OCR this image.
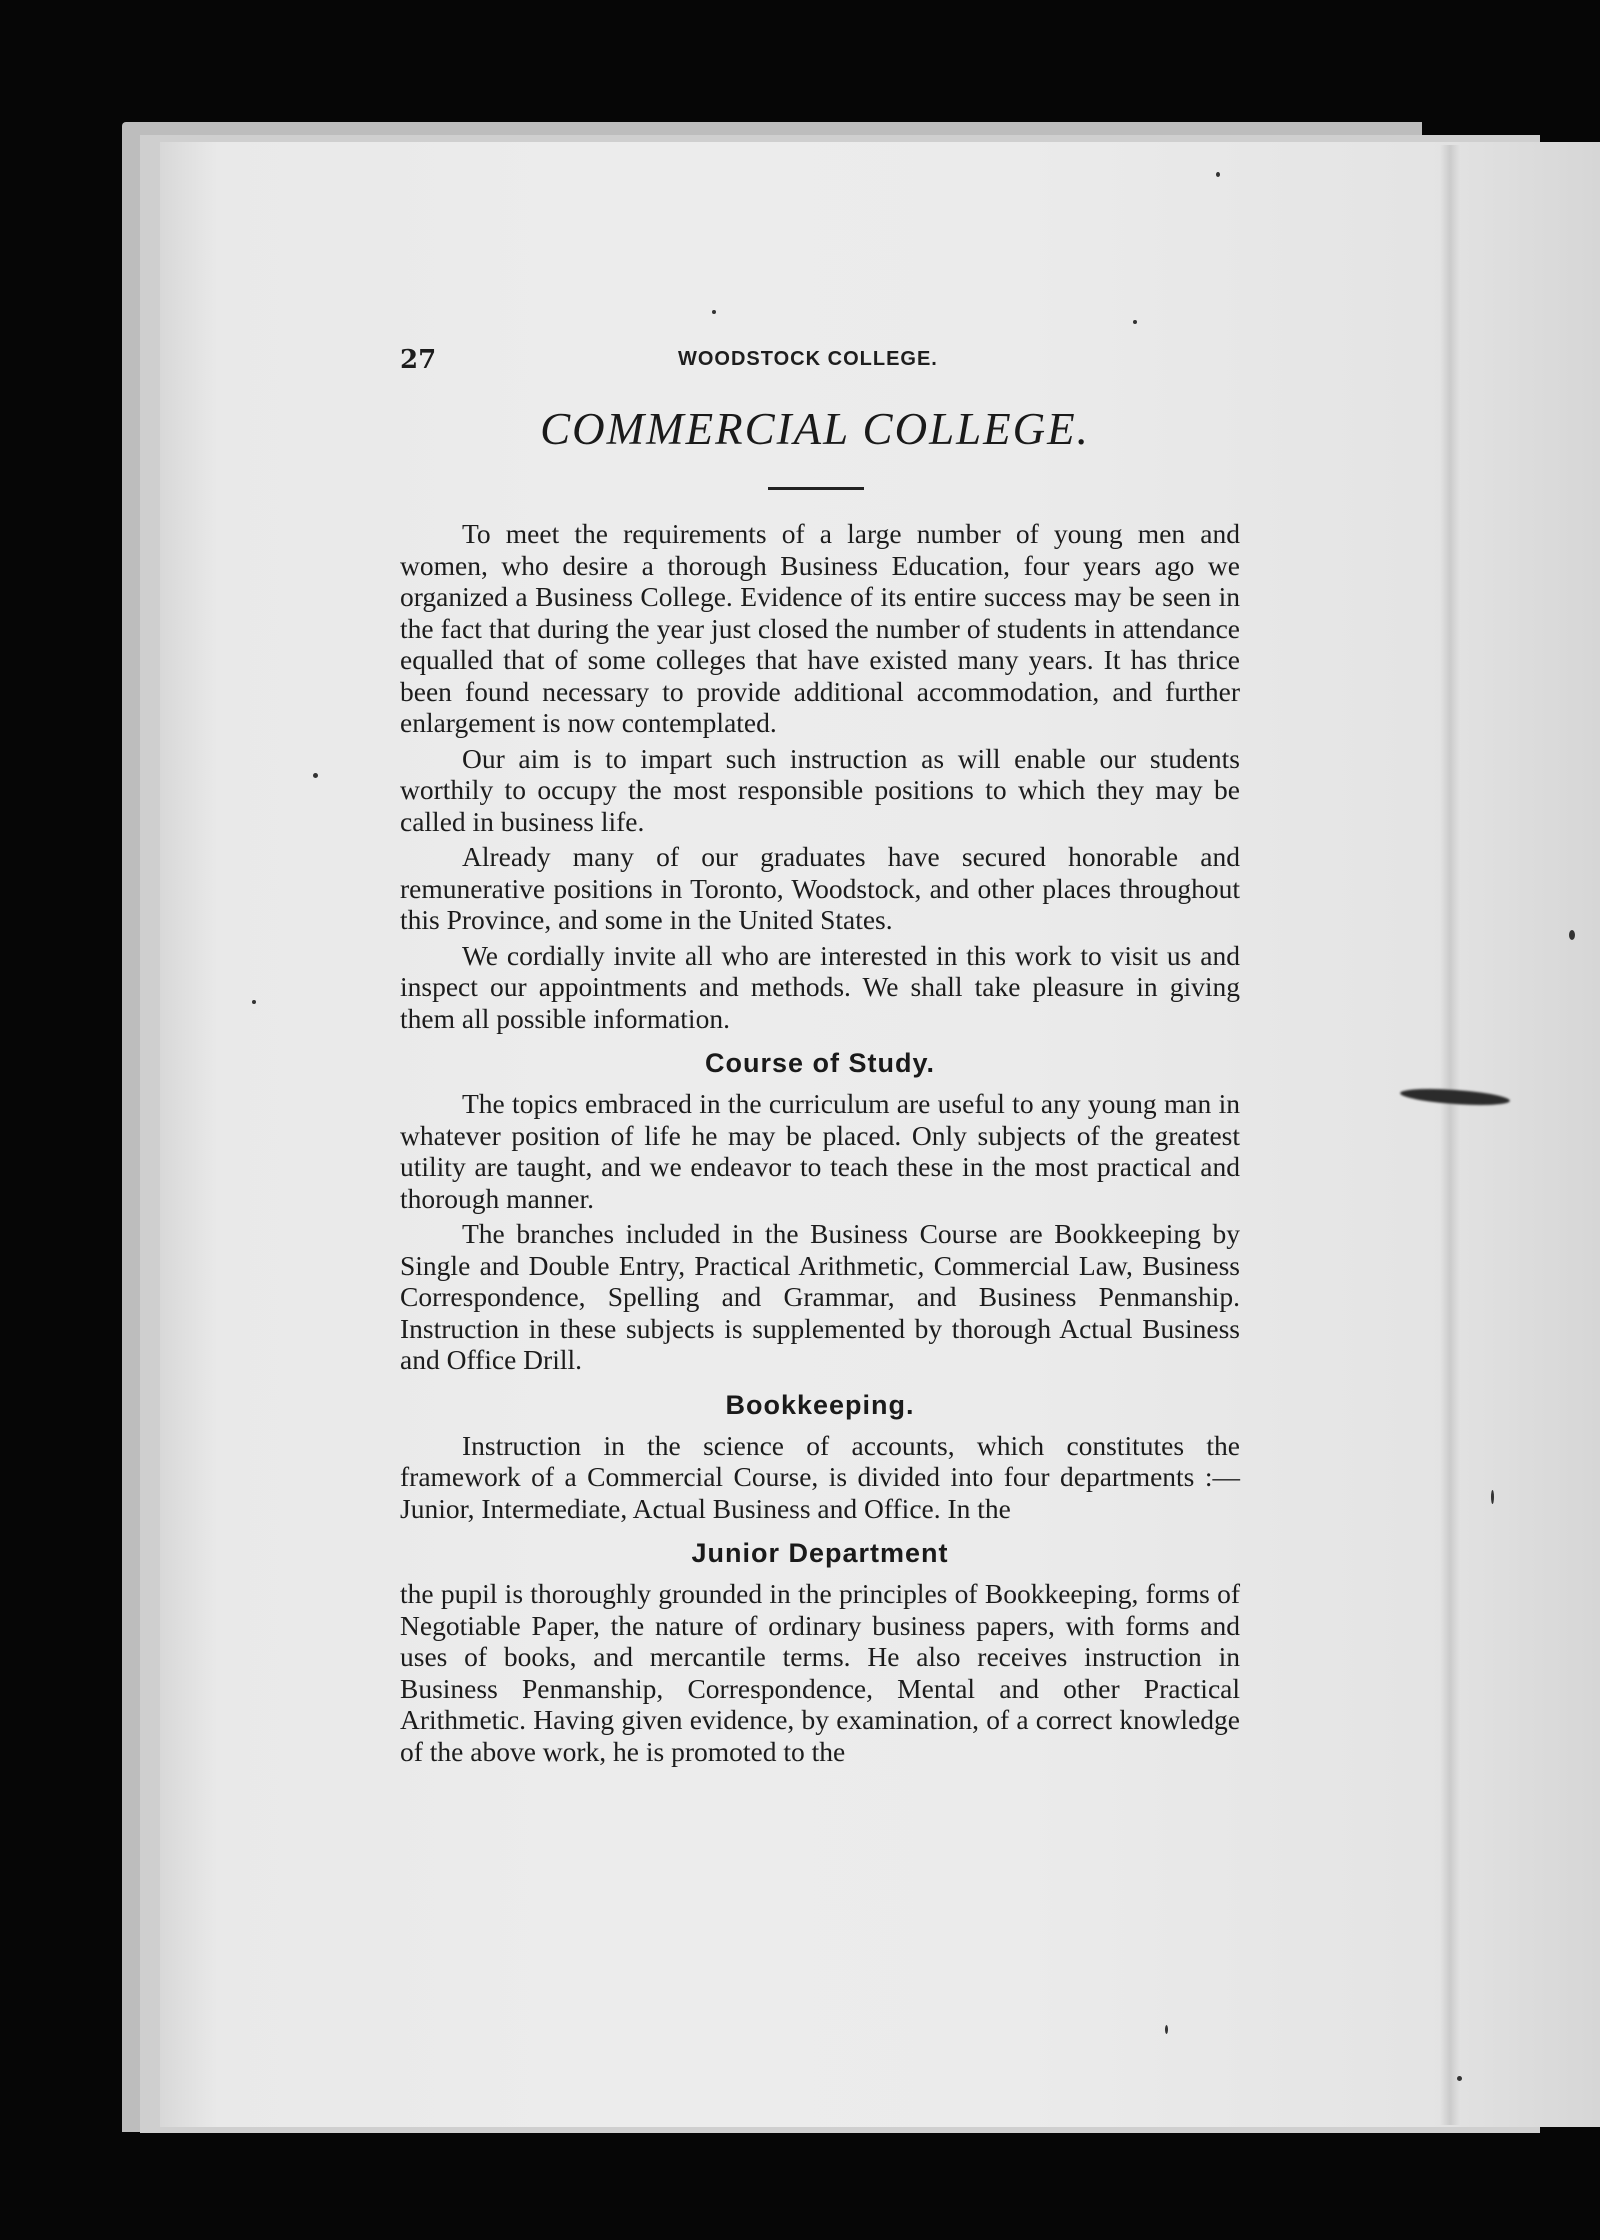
27	WOODSTOCK COLLEGE.
COMMERCIAL COLLEGE.

To meet the requirements of a large number of young men and women, who desire a thorough Business Education, four years ago we organized a Business College. Evidence of its entire success may be seen in the fact that during the year just closed the number of students in attendance equalled that of some colleges that have existed many years. It has thrice been found necessary to provide additional accommodation, and further enlargement is now contemplated.

Our aim is to impart such instruction as will enable our students worthily to occupy the most responsible positions to which they may be called in business life.

Already many of our graduates have secured honorable and remunerative positions in Toronto, Woodstock, and other places throughout this Province, and some in the United States.

We cordially invite all who are interested in this work to visit us and inspect our appointments and methods. We shall take pleasure in giving them all possible information.

Course of Study.

The topics embraced in the curriculum are useful to any young man in whatever position of life he may be placed. Only subjects of the greatest utility are taught, and we endeavor to teach these in the most practical and thorough manner.

The branches included in the Business Course are Bookkeeping by Single and Double Entry, Practical Arithmetic, Commercial Law, Business Correspondence, Spelling and Grammar, and Business Penmanship. Instruction in these subjects is supplemented by thorough Actual Business and Office Drill.

Bookkeeping.

Instruction in the science of accounts, which constitutes the framework of a Commercial Course, is divided into four departments :—Junior, Intermediate, Actual Business and Office. In the

Junior Department

the pupil is thoroughly grounded in the principles of Bookkeeping, forms of Negotiable Paper, the nature of ordinary business papers, with forms and uses of books, and mercantile terms. He also receives instruction in Business Penmanship, Correspondence, Mental and other Practical Arithmetic. Having given evidence, by examination, of a correct knowledge of the above work, he is promoted to the
